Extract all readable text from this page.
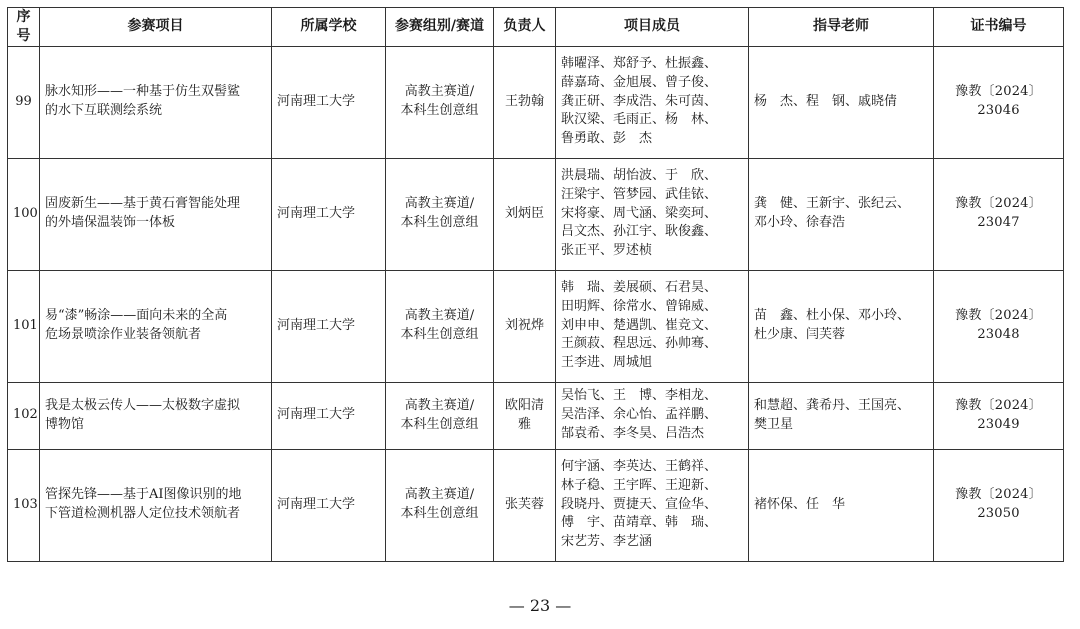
序号	参赛项目	所属学校	参赛组别/赛道	负责人	项目成员	指导老师	证书编号
99	脉水知形——一种基于仿生双髻鲨
的水下互联测绘系统	河南理工大学	高教主赛道/
本科生创意组	王勃翰	韩曜泽、郑舒予、杜振鑫、
薛嘉琦、金旭展、曾子俊、
龚正研、李成浩、朱可茵、
耿汉梁、毛雨正、杨　林、
鲁勇敢、彭　杰	杨　杰、程　钢、戚晓倩	豫教〔2024〕23046
100	固废新生——基于黄石膏智能处理
的外墙保温装饰一体板	河南理工大学	高教主赛道/
本科生创意组	刘炳臣	洪晨瑞、胡怡波、于　欣、
汪梁宇、管梦园、武佳铱、
宋将豪、周弋涵、梁奕珂、
吕文杰、孙江宇、耿俊鑫、
张正平、罗述桢	龚　健、王新宇、张纪云、
邓小玲、徐春浩	豫教〔2024〕23047
101	易“漆”畅涂——面向未来的全高
危场景喷涂作业装备领航者	河南理工大学	高教主赛道/
本科生创意组	刘祝烨	韩　瑞、姜展硕、石君昊、
田明辉、徐常水、曾锦威、
刘申申、楚遇凯、崔竞文、
王颜菽、程思远、孙帅骞、
王李进、周城旭	苗　鑫、杜小保、邓小玲、
杜少康、闫芙蓉	豫教〔2024〕23048
102	我是太极云传人——太极数字虚拟
博物馆	河南理工大学	高教主赛道/
本科生创意组	欧阳清
雅	吴怡飞、王　博、李相龙、
吴浩泽、余心怡、孟祥鹏、
郜袁希、李冬昊、吕浩杰	和慧超、龚希丹、王国亮、
樊卫星	豫教〔2024〕23049
103	管探先锋——基于AI图像识别的地
下管道检测机器人定位技术领航者	河南理工大学	高教主赛道/
本科生创意组	张芙蓉	何宇涵、李英达、王鹤祥、
林子稳、王宇晖、王迎新、
段晓丹、贾捷天、宣俭华、
傅　宇、苗靖章、韩　瑞、
宋艺芳、李艺涵	褚怀保、任　华	豫教〔2024〕23050
— 23 —
